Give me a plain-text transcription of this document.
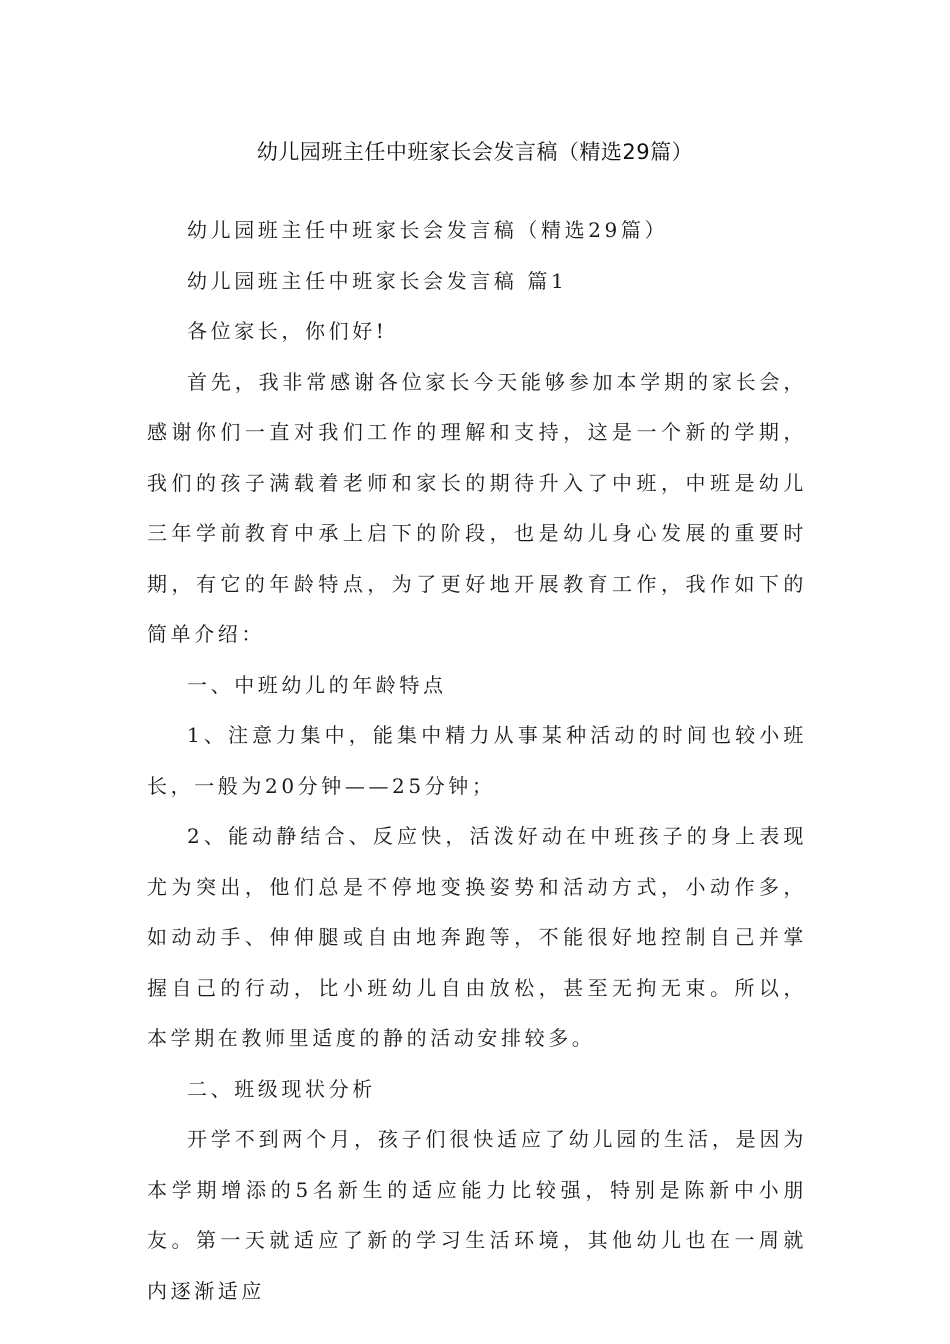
幼儿园班主任中班家长会发言稿（精选29篇）

幼儿园班主任中班家长会发言稿（精选29篇）

幼儿园班主任中班家长会发言稿 篇1

各位家长，你们好!

首先，我非常感谢各位家长今天能够参加本学期的家长会，感谢你们一直对我们工作的理解和支持，这是一个新的学期，我们的孩子满载着老师和家长的期待升入了中班，中班是幼儿三年学前教育中承上启下的阶段，也是幼儿身心发展的重要时期，有它的年龄特点，为了更好地开展教育工作，我作如下的简单介绍：

一、中班幼儿的年龄特点

1、注意力集中，能集中精力从事某种活动的时间也较小班长，一般为20分钟——25分钟；

2、能动静结合、反应快，活泼好动在中班孩子的身上表现尤为突出，他们总是不停地变换姿势和活动方式，小动作多，如动动手、伸伸腿或自由地奔跑等，不能很好地控制自己并掌握自己的行动，比小班幼儿自由放松，甚至无拘无束。所以，本学期在教师里适度的静的活动安排较多。

二、班级现状分析

开学不到两个月，孩子们很快适应了幼儿园的生活，是因为本学期增添的5名新生的适应能力比较强，特别是陈新中小朋友。第一天就适应了新的学习生活环境，其他幼儿也在一周就内逐渐适应
